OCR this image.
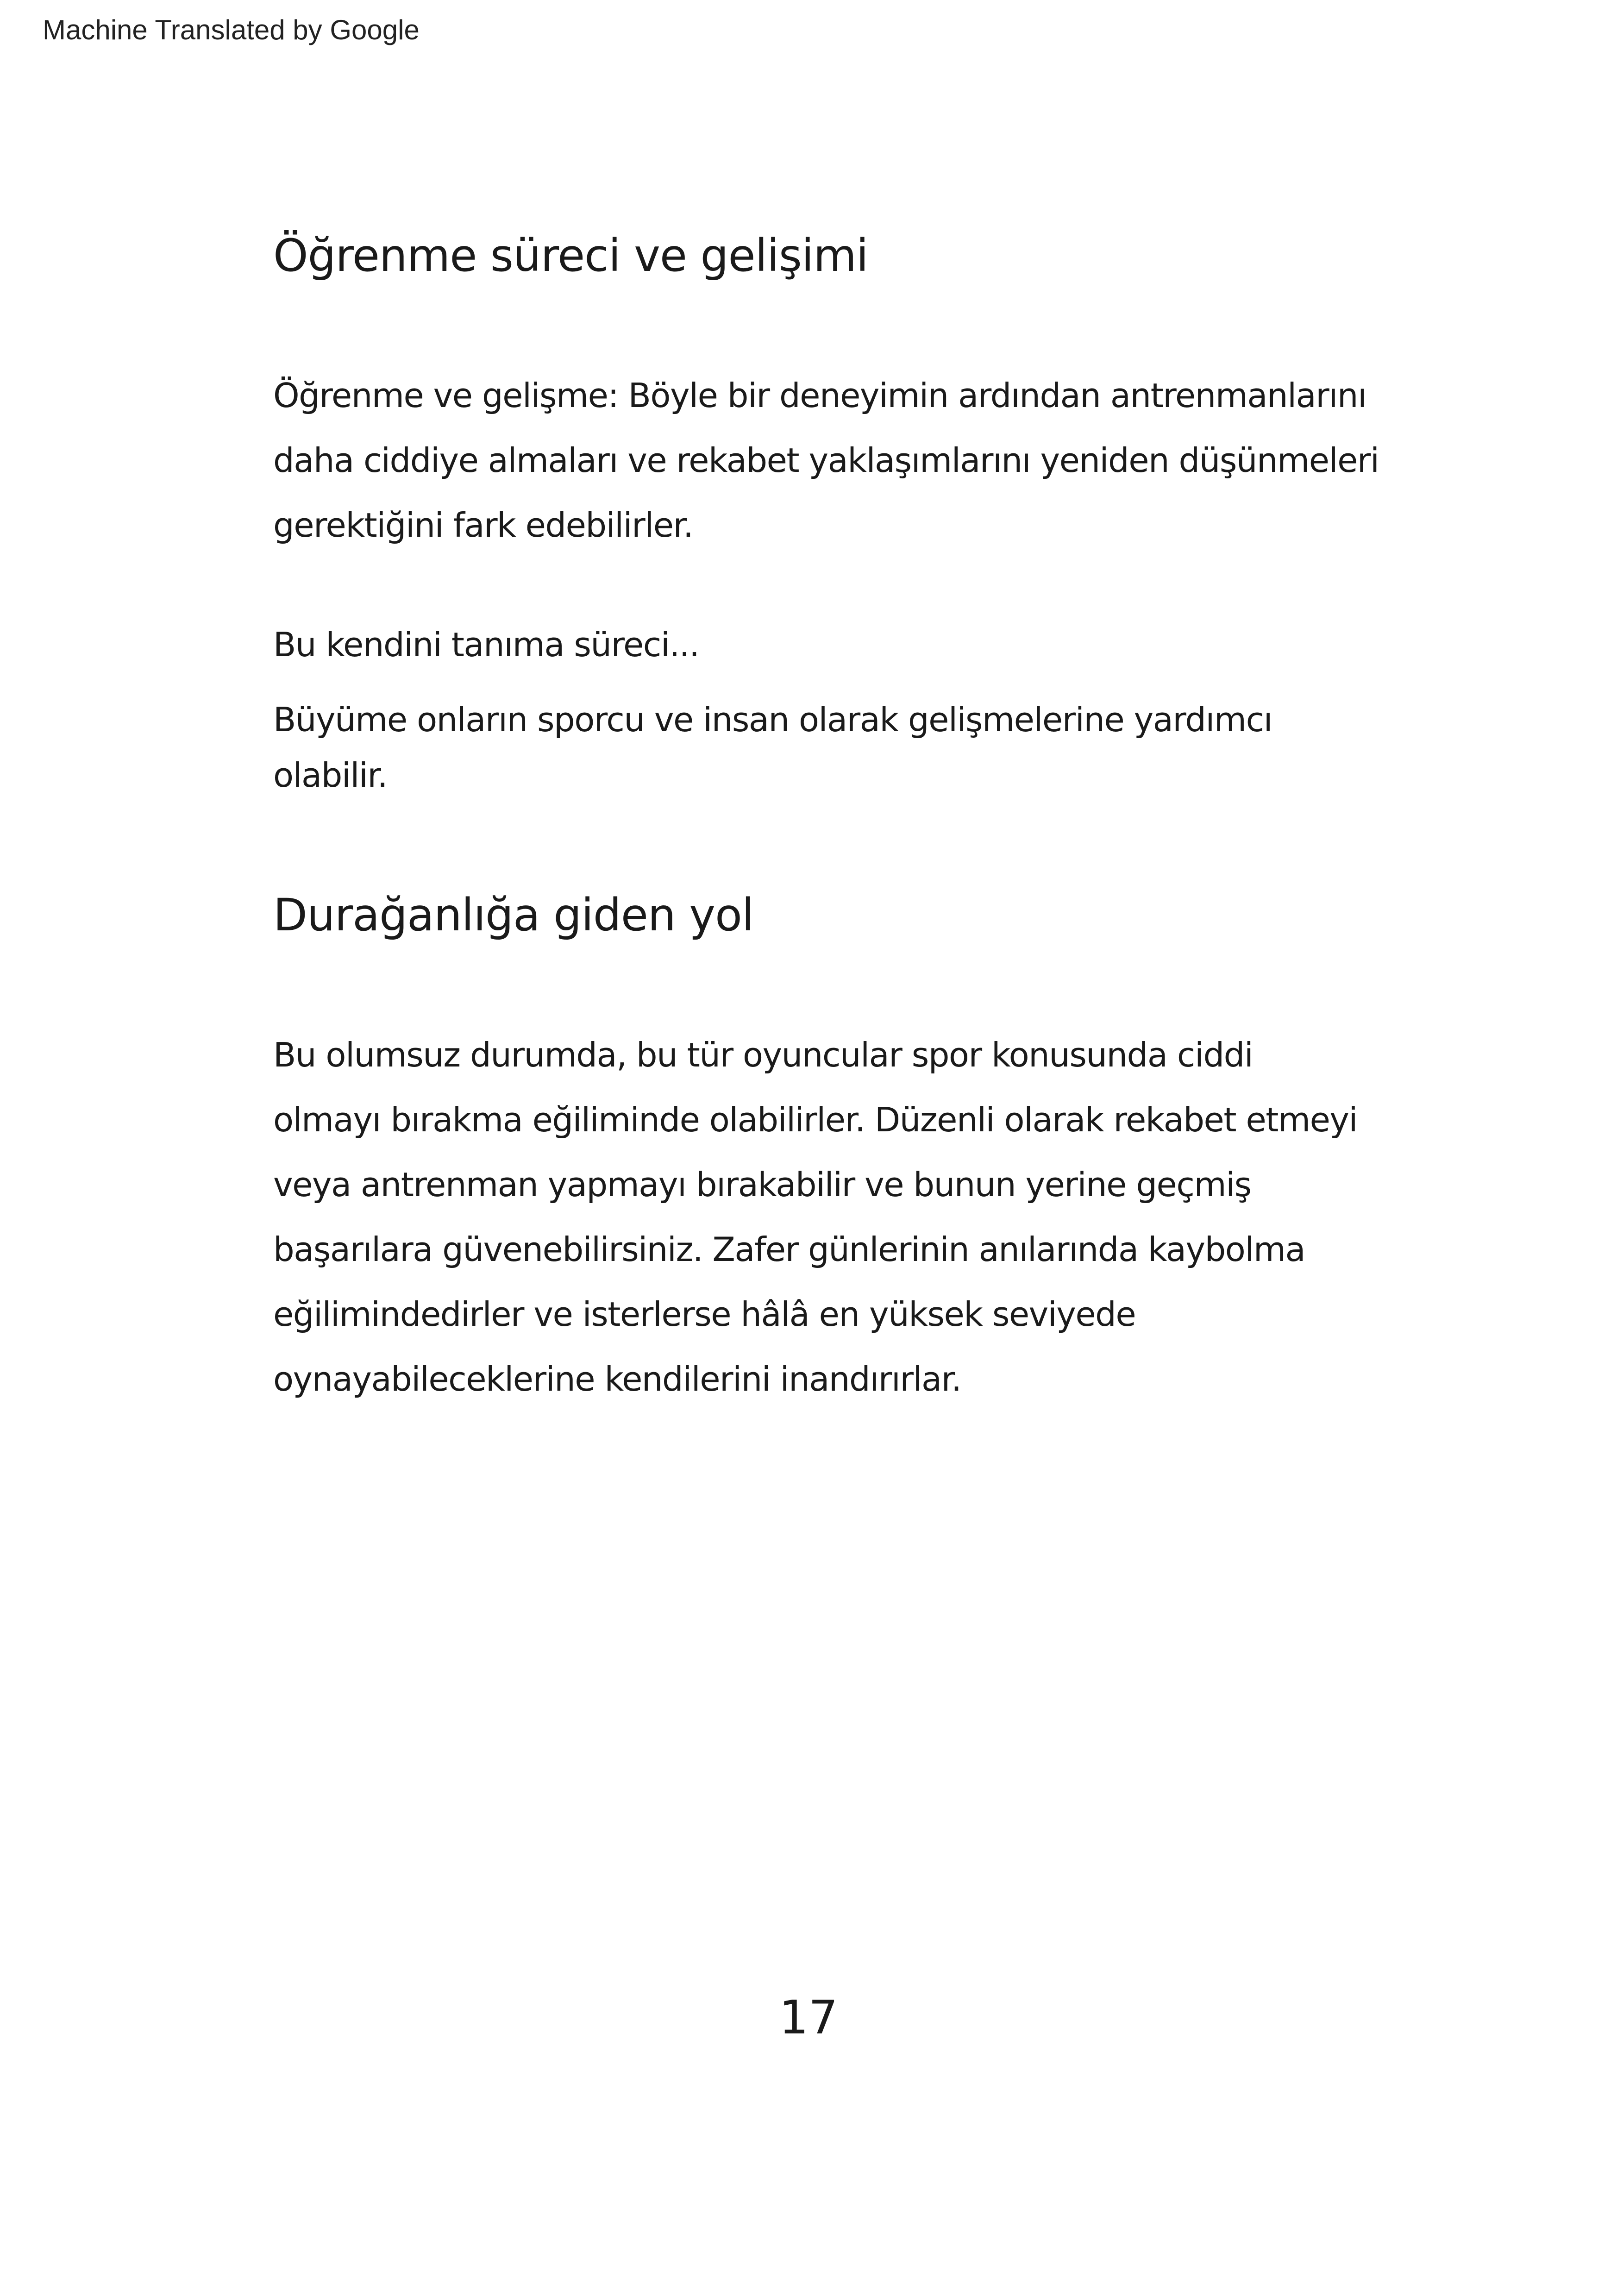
Machine Translated by Google
Öğrenme süreci ve gelişimi

Öğrenme ve gelişme: Böyle bir deneyimin ardından antrenmanlarını

daha ciddiye almaları ve rekabet yaklaşımlarını yeniden düşünmeleri

gerektiğini fark edebilirler.

Bu kendini tanıma süreci...

Büyüme onların sporcu ve insan olarak gelişmelerine yardımcı

olabilir.

Durağanlığa giden yol

Bu olumsuz durumda, bu tür oyuncular spor konusunda ciddi

olmayı bırakma eğiliminde olabilirler. Düzenli olarak rekabet etmeyi

veya antrenman yapmayı bırakabilir ve bunun yerine geçmiş

başarılara güvenebilirsiniz. Zafer günlerinin anılarında kaybolma

eğilimindedirler ve isterlerse hâlâ en yüksek seviyede

oynayabileceklerine kendilerini inandırırlar.

17
